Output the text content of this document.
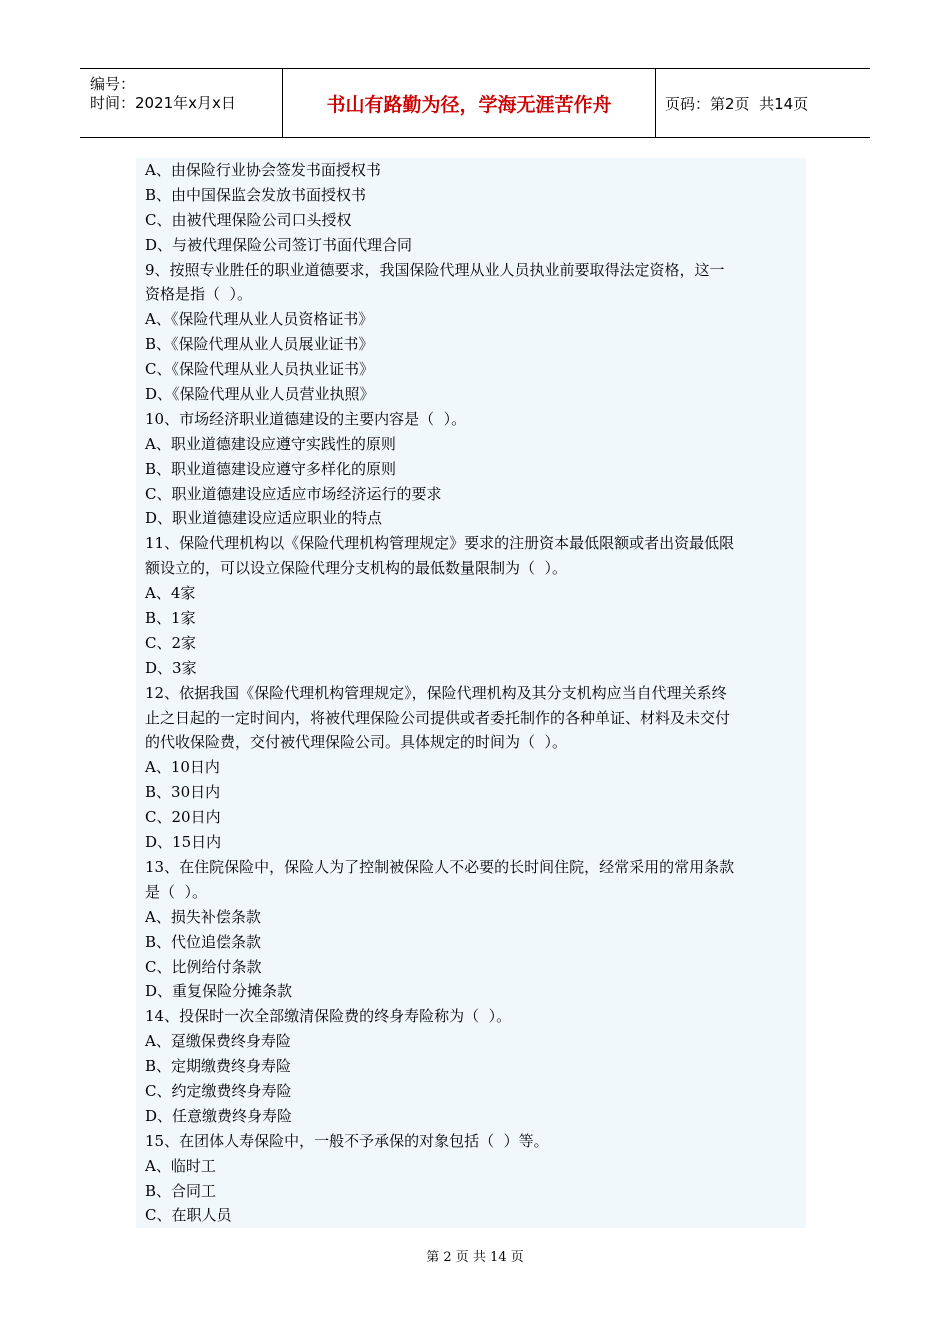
编号：
时间：2021年x月x日	书山有路勤为径，学海无涯苦作舟	页码：第2页  共14页
A、由保险行业协会签发书面授权书
B、由中国保监会发放书面授权书
C、由被代理保险公司口头授权
D、与被代理保险公司签订书面代理合同
9、按照专业胜任的职业道德要求，我国保险代理从业人员执业前要取得法定资格，这一
资格是指（  ）。
A、《保险代理从业人员资格证书》
B、《保险代理从业人员展业证书》
C、《保险代理从业人员执业证书》
D、《保险代理从业人员营业执照》
10、市场经济职业道德建设的主要内容是（  ）。
A、职业道德建设应遵守实践性的原则
B、职业道德建设应遵守多样化的原则
C、职业道德建设应适应市场经济运行的要求
D、职业道德建设应适应职业的特点
11、保险代理机构以《保险代理机构管理规定》要求的注册资本最低限额或者出资最低限
额设立的，可以设立保险代理分支机构的最低数量限制为（  ）。
A、4家
B、1家
C、2家
D、3家
12、依据我国《保险代理机构管理规定》，保险代理机构及其分支机构应当自代理关系终
止之日起的一定时间内，将被代理保险公司提供或者委托制作的各种单证、材料及未交付
的代收保险费，交付被代理保险公司。具体规定的时间为（  ）。
A、10日内
B、30日内
C、20日内
D、15日内
13、在住院保险中，保险人为了控制被保险人不必要的长时间住院，经常采用的常用条款
是（  ）。
A、损失补偿条款
B、代位追偿条款
C、比例给付条款
D、重复保险分摊条款
14、投保时一次全部缴清保险费的终身寿险称为（  ）。
A、趸缴保费终身寿险
B、定期缴费终身寿险
C、约定缴费终身寿险
D、任意缴费终身寿险
15、在团体人寿保险中，一般不予承保的对象包括（  ）等。
A、临时工
B、合同工
C、在职人员
第 2 页 共 14 页
